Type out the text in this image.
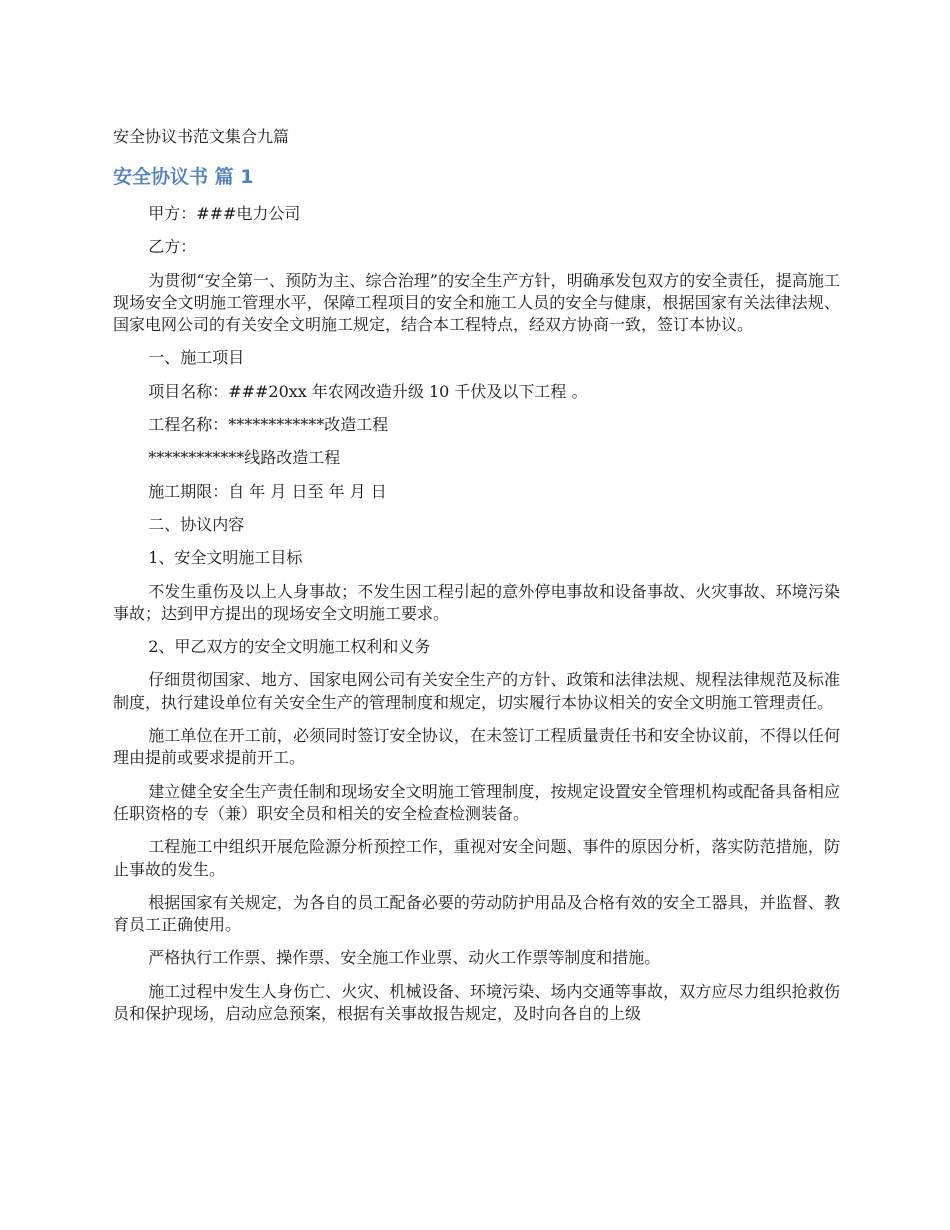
安全协议书范文集合九篇
安全协议书 篇 1

甲方：###电力公司

乙方：

为贯彻“安全第一、预防为主、综合治理”的安全生产方针，明确承发包双方的安全责任，提高施工现场安全文明施工管理水平，保障工程项目的安全和施工人员的安全与健康，根据国家有关法律法规、国家电网公司的有关安全文明施工规定，结合本工程特点，经双方协商一致，签订本协议。

一、施工项目

项目名称：###20xx 年农网改造升级 10 千伏及以下工程 。

工程名称：************改造工程

************线路改造工程

施工期限：自 年 月 日至 年 月 日

二、协议内容

1、安全文明施工目标

不发生重伤及以上人身事故；不发生因工程引起的意外停电事故和设备事故、火灾事故、环境污染事故；达到甲方提出的现场安全文明施工要求。

2、甲乙双方的安全文明施工权利和义务

仔细贯彻国家、地方、国家电网公司有关安全生产的方针、政策和法律法规、规程法律规范及标准制度，执行建设单位有关安全生产的管理制度和规定，切实履行本协议相关的安全文明施工管理责任。

施工单位在开工前，必须同时签订安全协议，在未签订工程质量责任书和安全协议前，不得以任何理由提前或要求提前开工。

建立健全安全生产责任制和现场安全文明施工管理制度，按规定设置安全管理机构或配备具备相应任职资格的专（兼）职安全员和相关的安全检查检测装备。

工程施工中组织开展危险源分析预控工作，重视对安全问题、事件的原因分析，落实防范措施，防止事故的发生。

根据国家有关规定，为各自的员工配备必要的劳动防护用品及合格有效的安全工器具，并监督、教育员工正确使用。

严格执行工作票、操作票、安全施工作业票、动火工作票等制度和措施。

施工过程中发生人身伤亡、火灾、机械设备、环境污染、场内交通等事故，双方应尽力组织抢救伤员和保护现场，启动应急预案，根据有关事故报告规定，及时向各自的上级
